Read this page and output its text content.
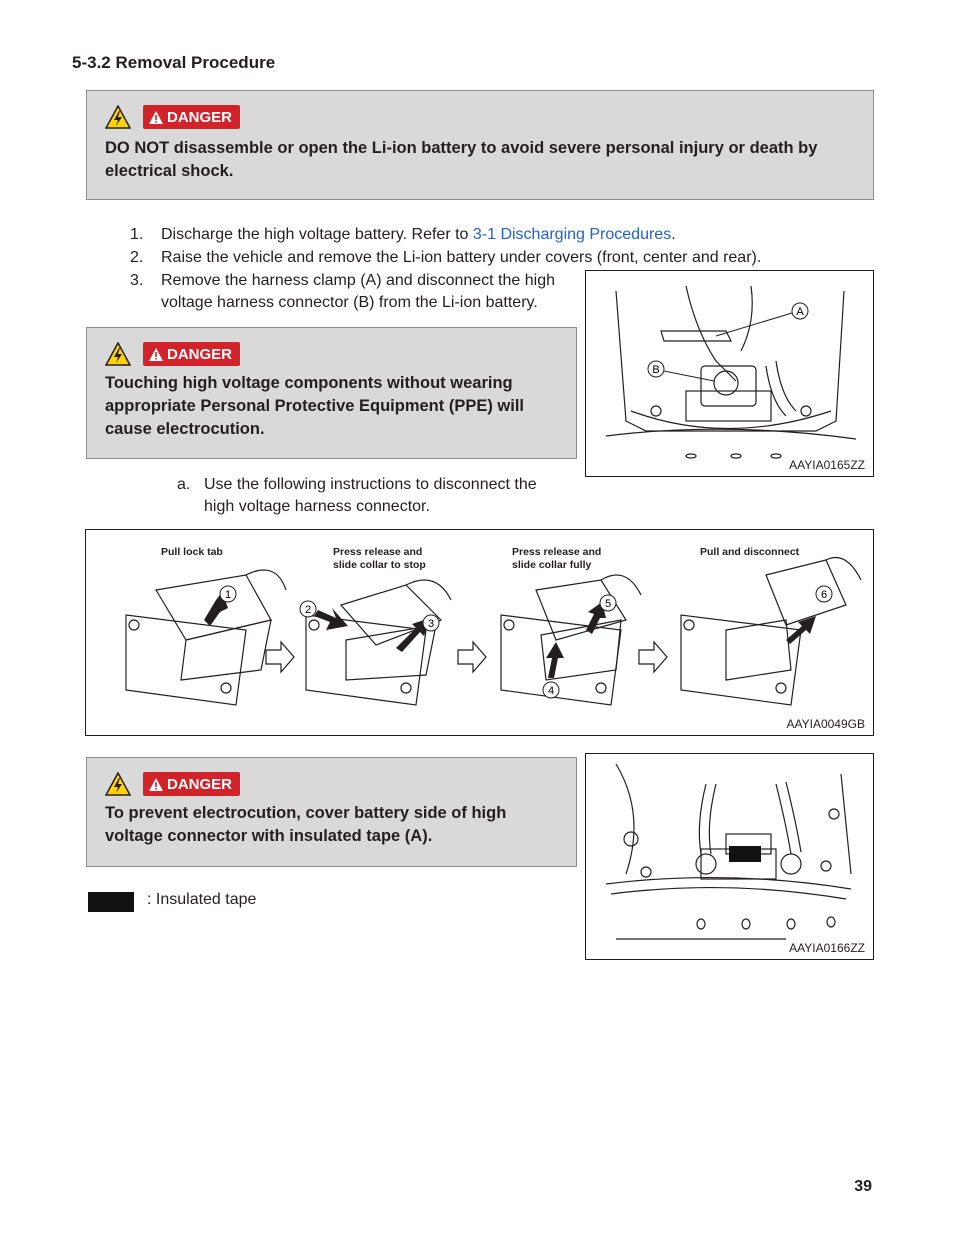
5-3.2 Removal Procedure
DANGER
DO NOT disassemble or open the Li-ion battery to avoid severe personal injury or death by electrical shock.
1. Discharge the high voltage battery. Refer to 3-1 Discharging Procedures.
2. Raise the vehicle and remove the Li-ion battery under covers (front, center and rear).
3. Remove the harness clamp (A) and disconnect the high
voltage harness connector (B) from the Li-ion battery.
A
B
AAYIA0165ZZ
DANGER
Touching high voltage components without wearing appropriate Personal Protective Equipment (PPE) will cause electrocution.
a. Use the following instructions to disconnect the
high voltage harness connector.
Pull lock tab	Press release and
slide collar to stop
Press release and
slide collar fully
Pull and disconnect
1
2
3
4
5
6
AAYIA0049GB
DANGER
To prevent electrocution, cover battery side of high voltage connector with insulated tape (A).
: Insulated tape
AAYIA0166ZZ
39
